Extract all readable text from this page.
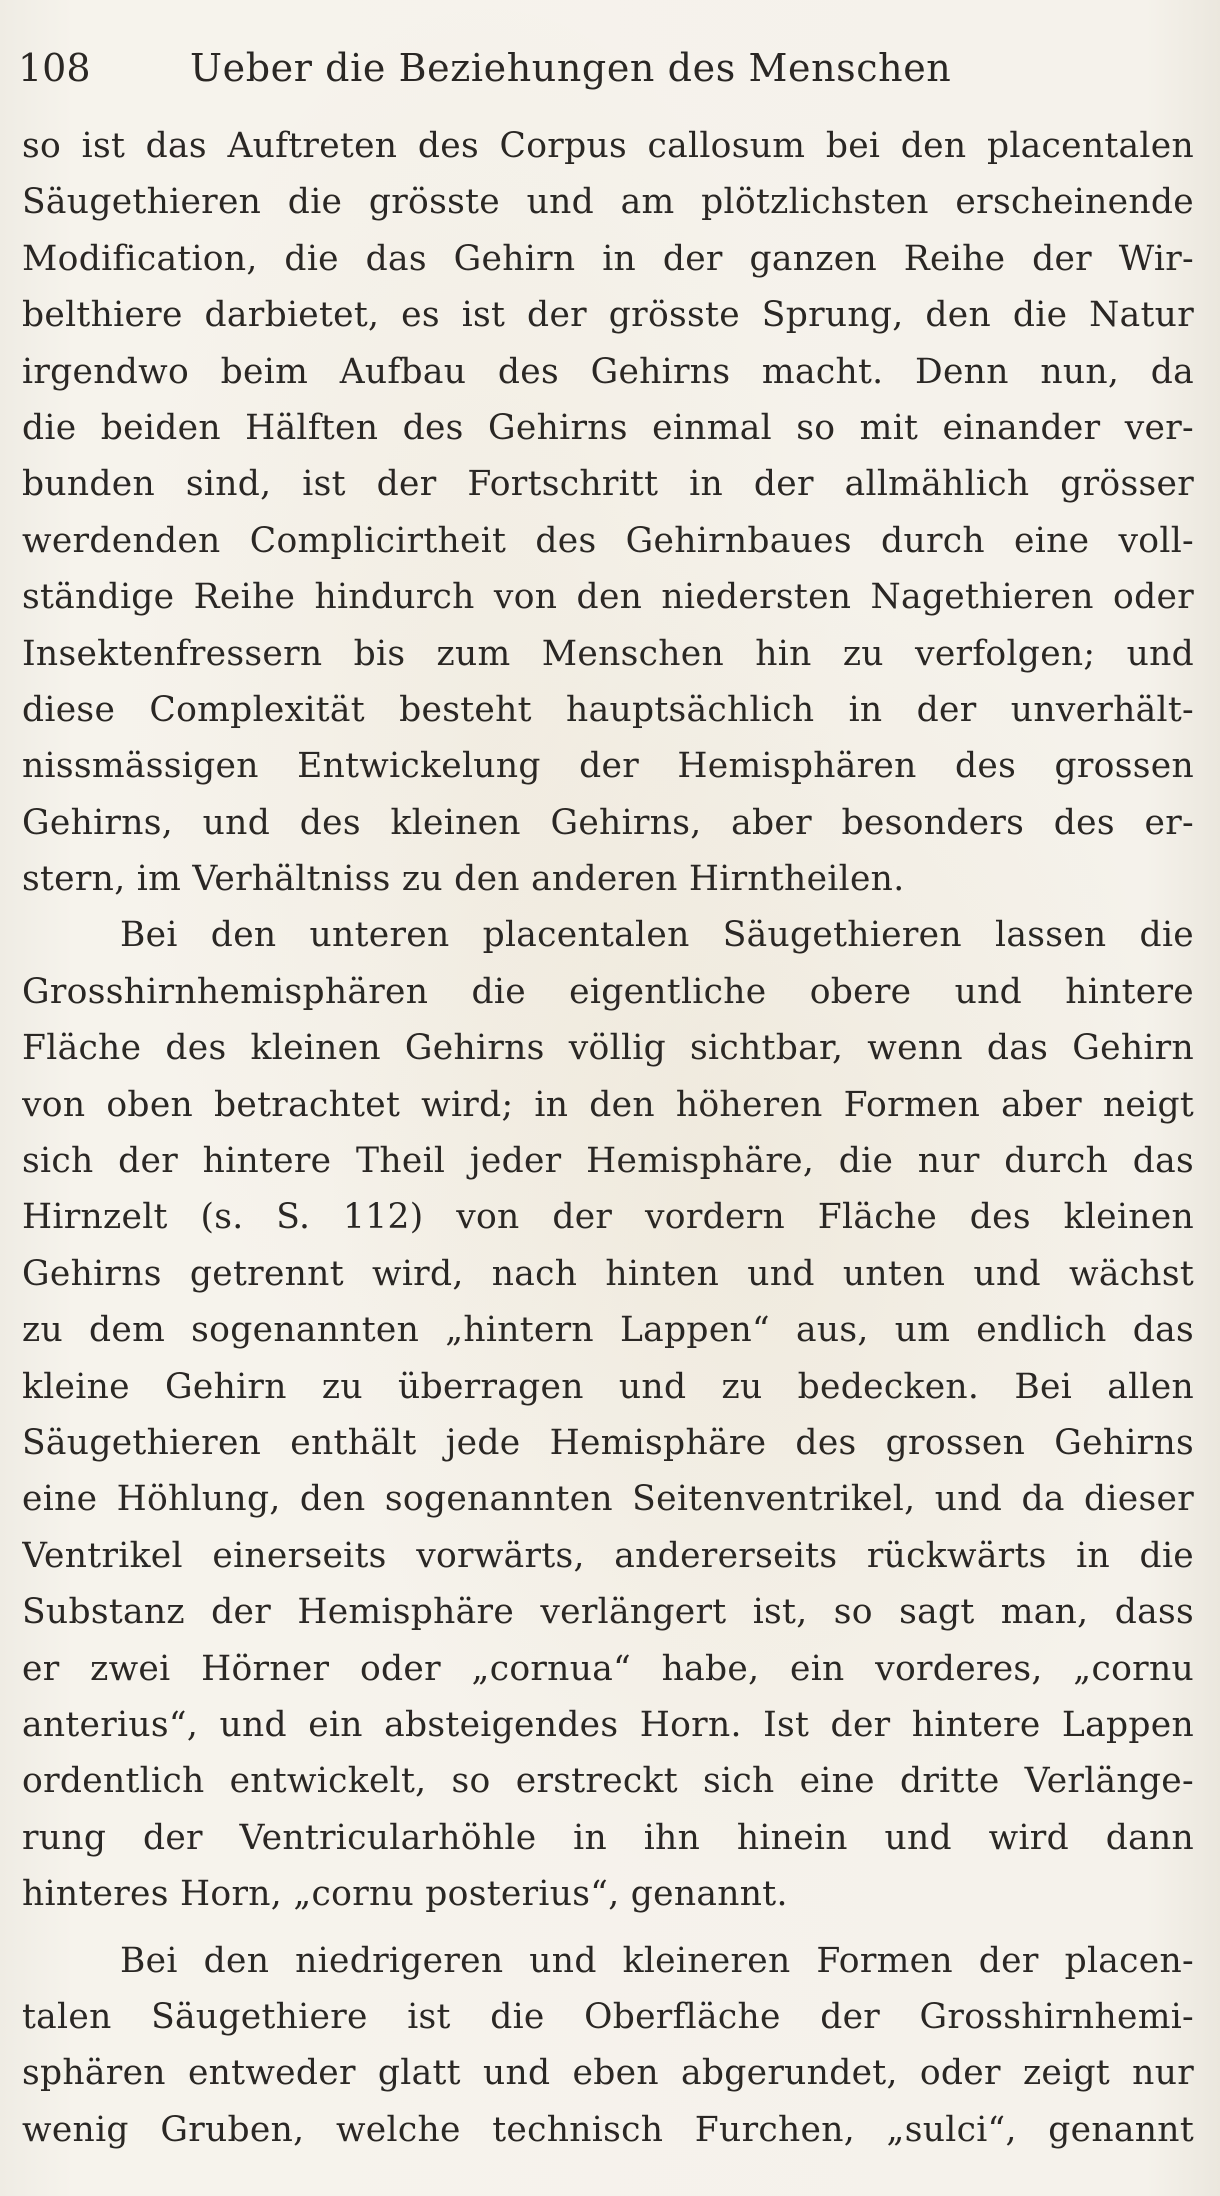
108	Ueber die Beziehungen des Menschen
so ist das Auftreten des Corpus callosum bei den placentalen
Säugethieren die grösste und am plötzlichsten erscheinende
Modification, die das Gehirn in der ganzen Reihe der Wir-
belthiere darbietet, es ist der grösste Sprung, den die Natur
irgendwo beim Aufbau des Gehirns macht. Denn nun, da
die beiden Hälften des Gehirns einmal so mit einander ver-
bunden sind, ist der Fortschritt in der allmählich grösser
werdenden Complicirtheit des Gehirnbaues durch eine voll-
ständige Reihe hindurch von den niedersten Nagethieren oder
Insektenfressern bis zum Menschen hin zu verfolgen; und
diese Complexität besteht hauptsächlich in der unverhält-
nissmässigen Entwickelung der Hemisphären des grossen
Gehirns, und des kleinen Gehirns, aber besonders des er-
stern, im Verhältniss zu den anderen Hirntheilen.
Bei den unteren placentalen Säugethieren lassen die
Grosshirnhemisphären die eigentliche obere und hintere
Fläche des kleinen Gehirns völlig sichtbar, wenn das Gehirn
von oben betrachtet wird; in den höheren Formen aber neigt
sich der hintere Theil jeder Hemisphäre, die nur durch das
Hirnzelt (s. S. 112) von der vordern Fläche des kleinen
Gehirns getrennt wird, nach hinten und unten und wächst
zu dem sogenannten „hintern Lappen“ aus, um endlich das
kleine Gehirn zu überragen und zu bedecken. Bei allen
Säugethieren enthält jede Hemisphäre des grossen Gehirns
eine Höhlung, den sogenannten Seitenventrikel, und da dieser
Ventrikel einerseits vorwärts, andererseits rückwärts in die
Substanz der Hemisphäre verlängert ist, so sagt man, dass
er zwei Hörner oder „cornua“ habe, ein vorderes, „cornu
anterius“, und ein absteigendes Horn. Ist der hintere Lappen
ordentlich entwickelt, so erstreckt sich eine dritte Verlänge-
rung der Ventricularhöhle in ihn hinein und wird dann
hinteres Horn, „cornu posterius“, genannt.
Bei den niedrigeren und kleineren Formen der placen-
talen Säugethiere ist die Oberfläche der Grosshirnhemi-
sphären entweder glatt und eben abgerundet, oder zeigt nur
wenig Gruben, welche technisch Furchen, „sulci“, genannt
